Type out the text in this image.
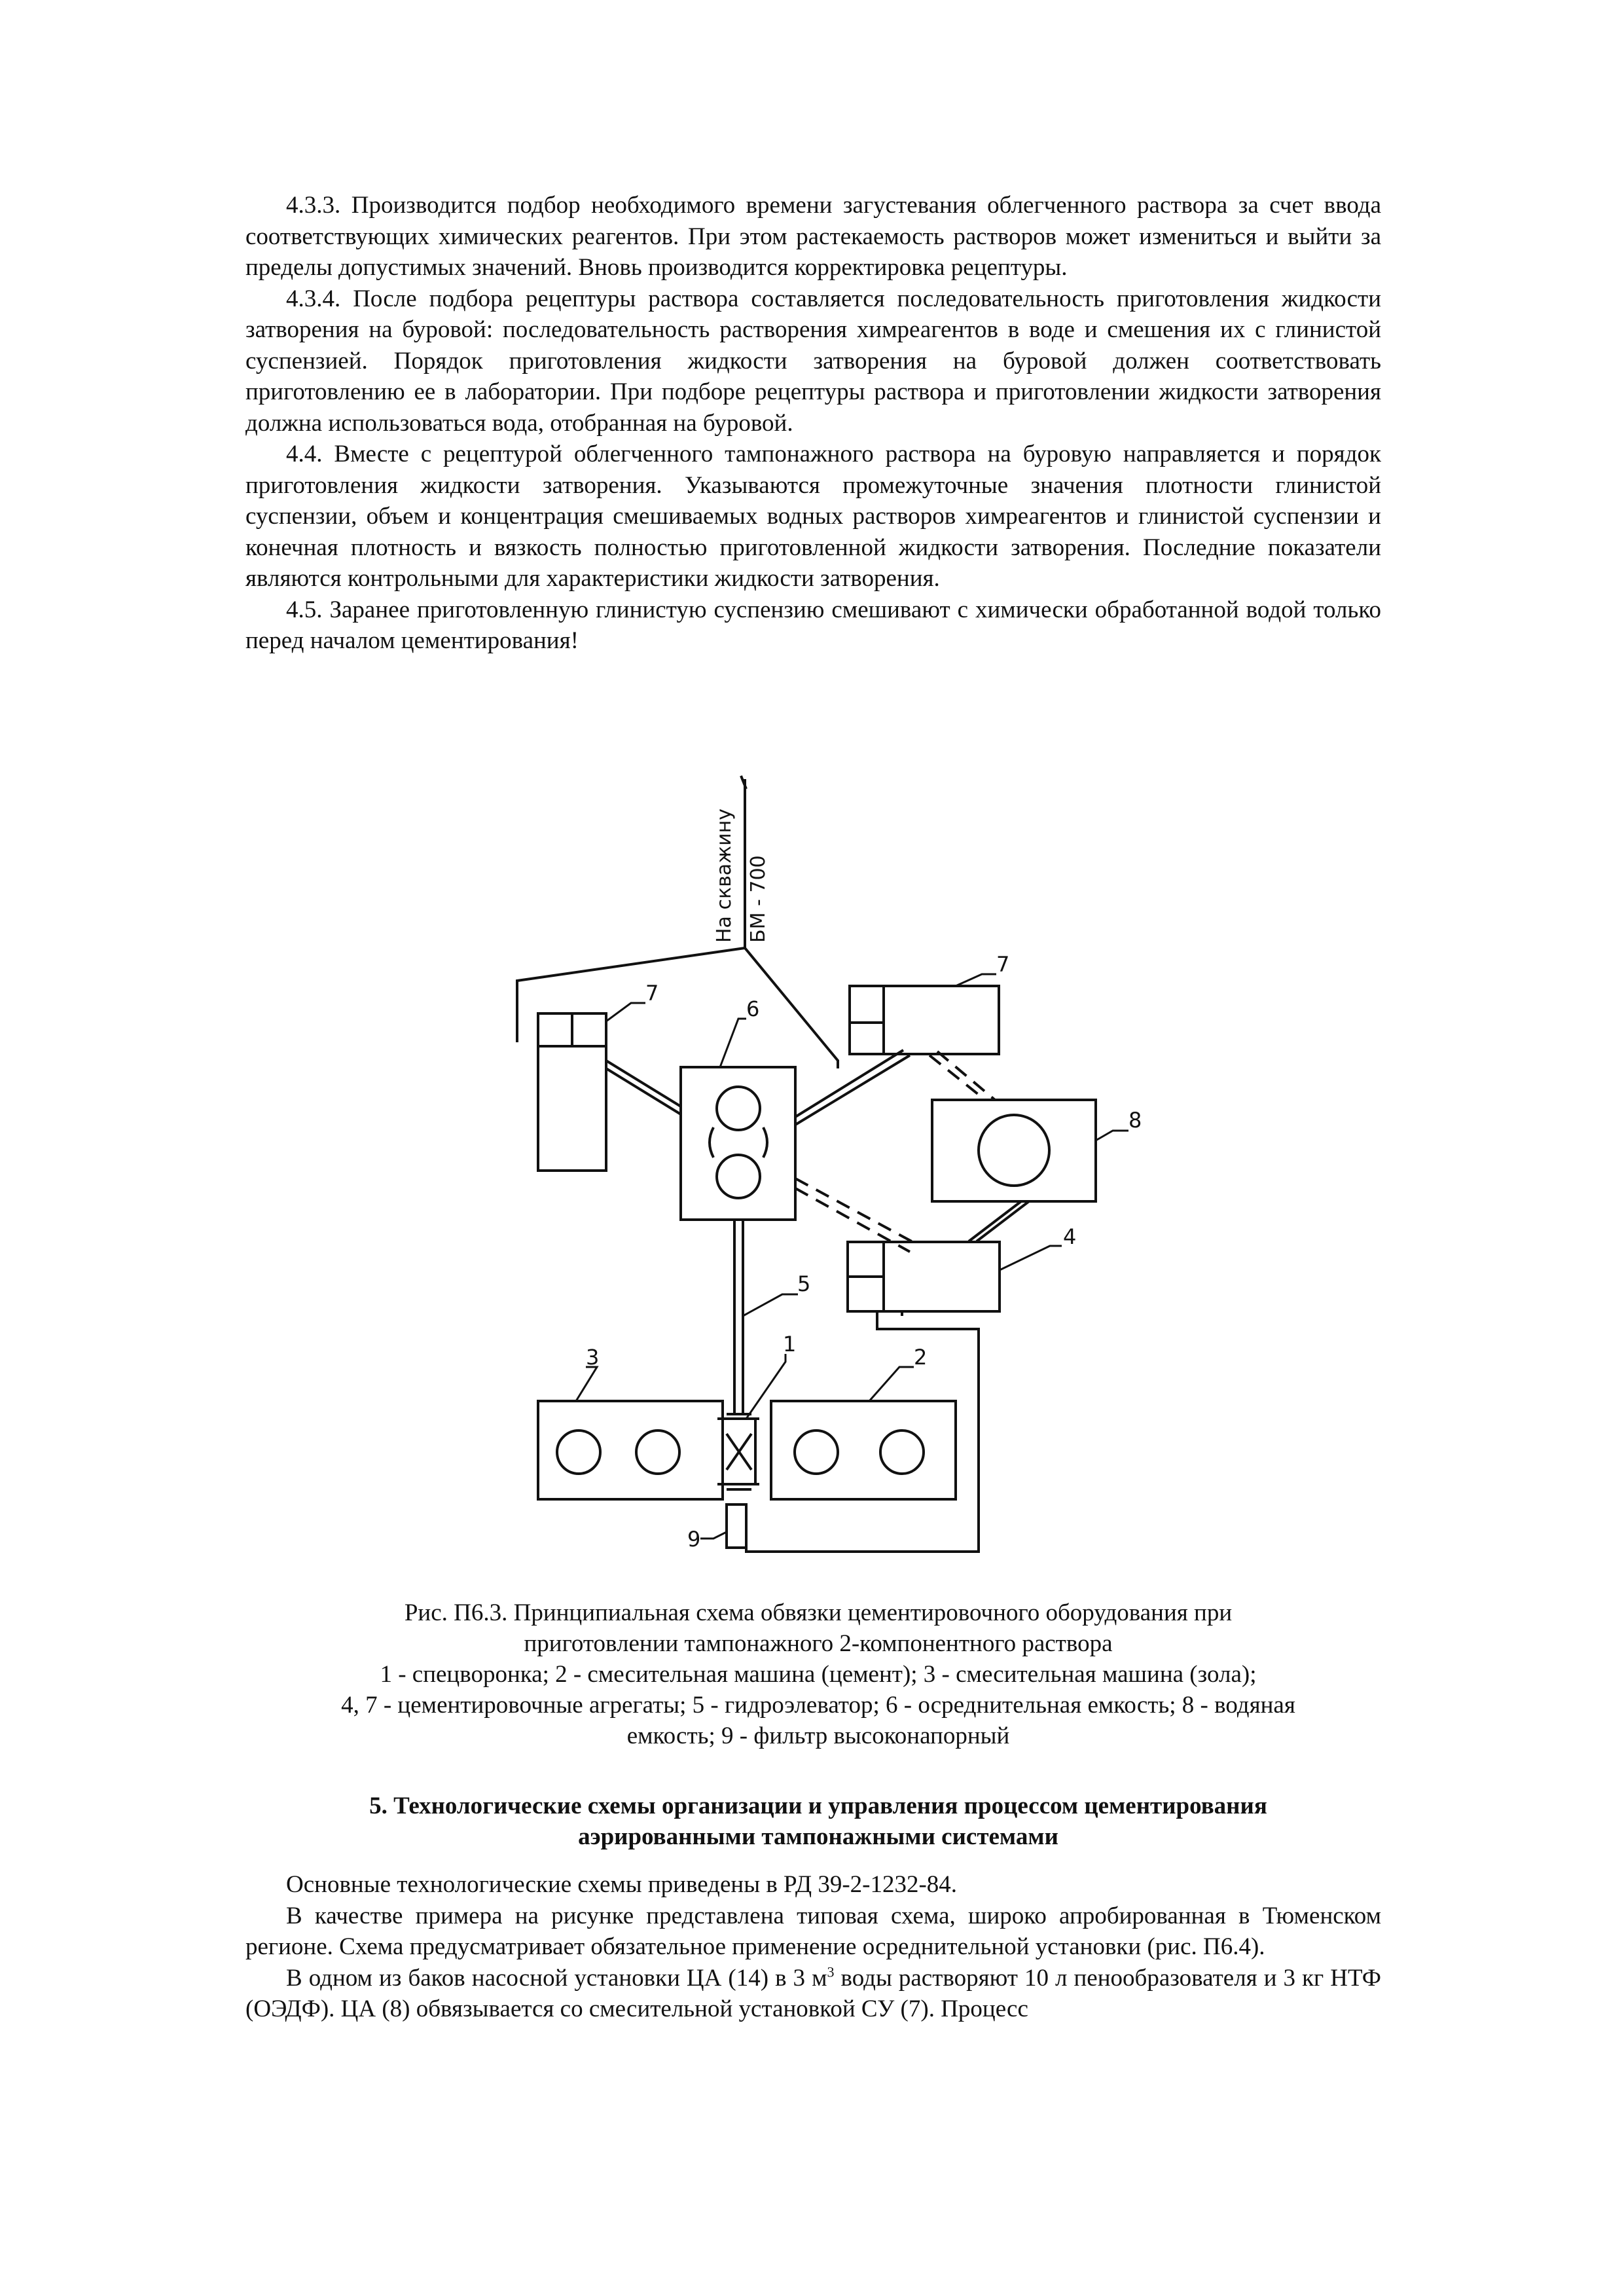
4.3.3. Производится подбор необходимого времени загустевания облегченного раствора за счет ввода соответствующих химических реагентов. При этом растекаемость растворов может измениться и выйти за пределы допустимых значений. Вновь производится корректировка рецептуры.

4.3.4. После подбора рецептуры раствора составляется последовательность приготовления жидкости затворения на буровой: последовательность растворения химреагентов в воде и смешения их с глинистой суспензией. Порядок приготовления жидкости затворения на буровой должен соответствовать приготовлению ее в лаборатории. При подборе рецептуры раствора и приготовлении жидкости затворения должна использоваться вода, отобранная на буровой.

4.4. Вместе с рецептурой облегченного тампонажного раствора на буровую направляется и порядок приготовления жидкости затворения. Указываются промежуточные значения плотности глинистой суспензии, объем и концентрация смешиваемых водных растворов химреагентов и глинистой суспензии и конечная плотность и вязкость полностью приготовленной жидкости затворения. Последние показатели являются контрольными для характеристики жидкости затворения.

4.5. Заранее приготовленную глинистую суспензию смешивают с химически обработанной водой только перед началом цементирования!

На скважину БМ - 700
1
2
3
4
5
6
7
7
8
9
Рис. П6.3. Принципиальная схема обвязки цементировочного оборудования при
приготовлении тампонажного 2-компонентного раствора
1 - спецворонка; 2 - смесительная машина (цемент); 3 - смесительная машина (зола);
4, 7 - цементировочные агрегаты; 5 - гидроэлеватор; 6 - осреднительная емкость; 8 - водяная
емкость; 9 - фильтр высоконапорный
5. Технологические схемы организации и управления процессом цементирования
аэрированными тампонажными системами

Основные технологические схемы приведены в РД 39-2-1232-84.

В качестве примера на рисунке представлена типовая схема, широко апробированная в Тюменском регионе. Схема предусматривает обязательное применение осреднительной установки (рис. П6.4).

В одном из баков насосной установки ЦА (14) в 3 $м^3$ воды растворяют 10 л пенообразователя и 3 кг НТФ (ОЭДФ). ЦА (8) обвязывается со смесительной установкой СУ (7). Процесс
